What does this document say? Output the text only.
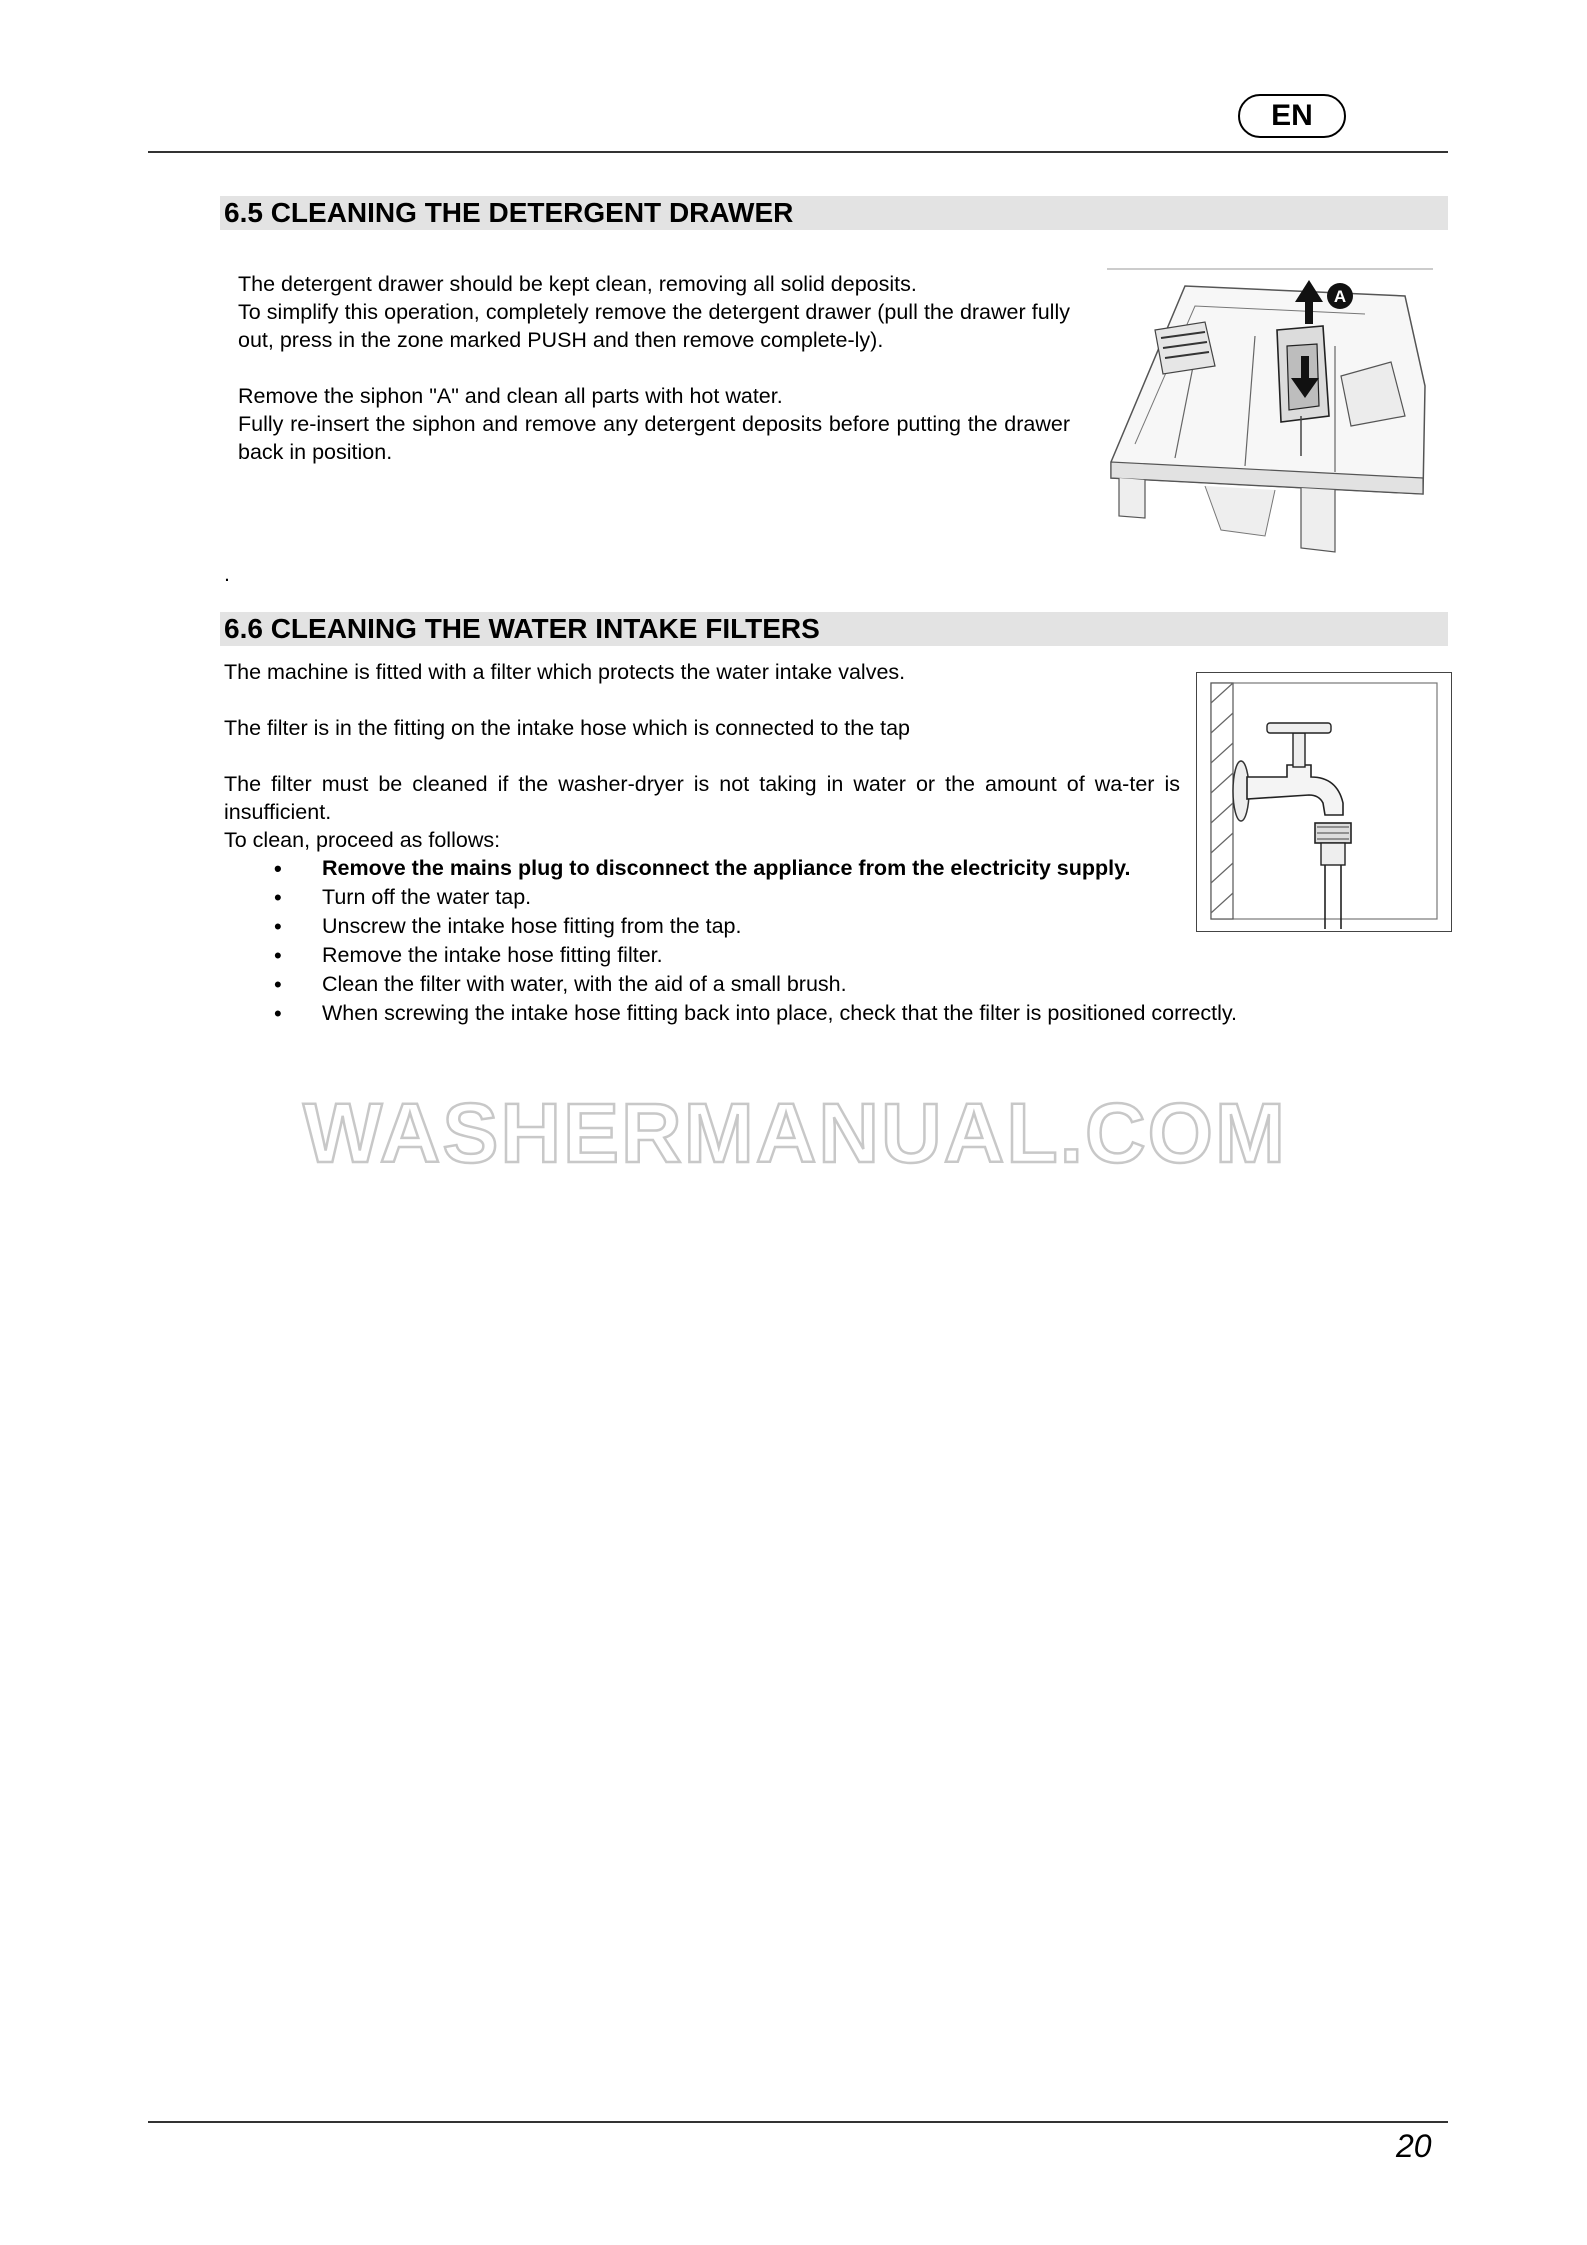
EN
6.5 CLEANING THE DETERGENT DRAWER
The detergent drawer should be kept clean, removing all solid deposits.
To simplify this operation, completely remove the detergent drawer (pull the drawer fully out, press in the zone marked PUSH and then remove complete-ly).
Remove the siphon "A" and clean all parts with hot water.
Fully re-insert the siphon and remove any detergent deposits before putting the drawer back in position.
A
.
6.6 CLEANING THE WATER INTAKE FILTERS
The machine is fitted with a filter which protects the water intake valves.
The filter is in the fitting on the intake hose which is connected to the tap
The filter must be cleaned if the washer-dryer is not taking in water or the amount of wa-ter is insufficient.
To clean, proceed as follows:
• Remove the mains plug to disconnect the appliance from the electricity supply.
• Turn off the water tap.
• Unscrew the intake hose fitting from the tap.
• Remove the intake hose fitting filter.
• Clean the filter with water, with the aid of a small brush.
• When screwing the intake hose fitting back into place, check that the filter is positioned correctly.
WASHERMANUAL.COM
20
